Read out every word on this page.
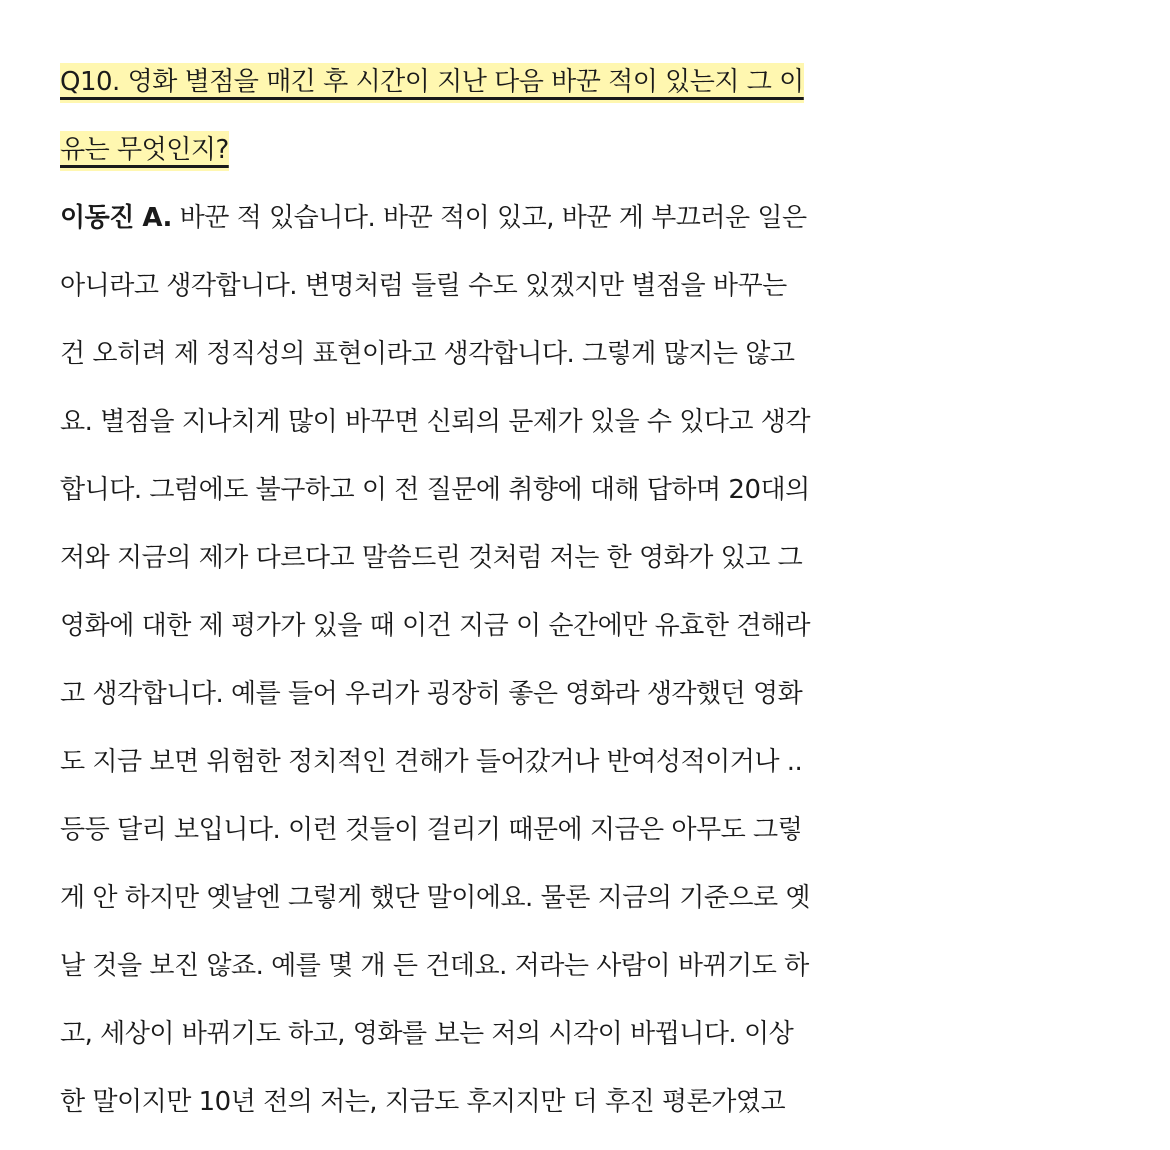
Q10. 영화 별점을 매긴 후 시간이 지난 다음 바꾼 적이 있는지 그 이
유는 무엇인지?
이동진 A. 바꾼 적 있습니다. 바꾼 적이 있고, 바꾼 게 부끄러운 일은
아니라고 생각합니다. 변명처럼 들릴 수도 있겠지만 별점을 바꾸는
건 오히려 제 정직성의 표현이라고 생각합니다. 그렇게 많지는 않고
요. 별점을 지나치게 많이 바꾸면 신뢰의 문제가 있을 수 있다고 생각
합니다. 그럼에도 불구하고 이 전 질문에 취향에 대해 답하며 20대의
저와 지금의 제가 다르다고 말씀드린 것처럼 저는 한 영화가 있고 그
영화에 대한 제 평가가 있을 때 이건 지금 이 순간에만 유효한 견해라
고 생각합니다. 예를 들어 우리가 굉장히 좋은 영화라 생각했던 영화
도 지금 보면 위험한 정치적인 견해가 들어갔거나 반여성적이거나 ..
등등 달리 보입니다. 이런 것들이 걸리기 때문에 지금은 아무도 그렇
게 안 하지만 옛날엔 그렇게 했단 말이에요. 물론 지금의 기준으로 옛
날 것을 보진 않죠. 예를 몇 개 든 건데요. 저라는 사람이 바뀌기도 하
고, 세상이 바뀌기도 하고, 영화를 보는 저의 시각이 바뀝니다. 이상
한 말이지만 10년 전의 저는, 지금도 후지지만 더 후진 평론가였고
